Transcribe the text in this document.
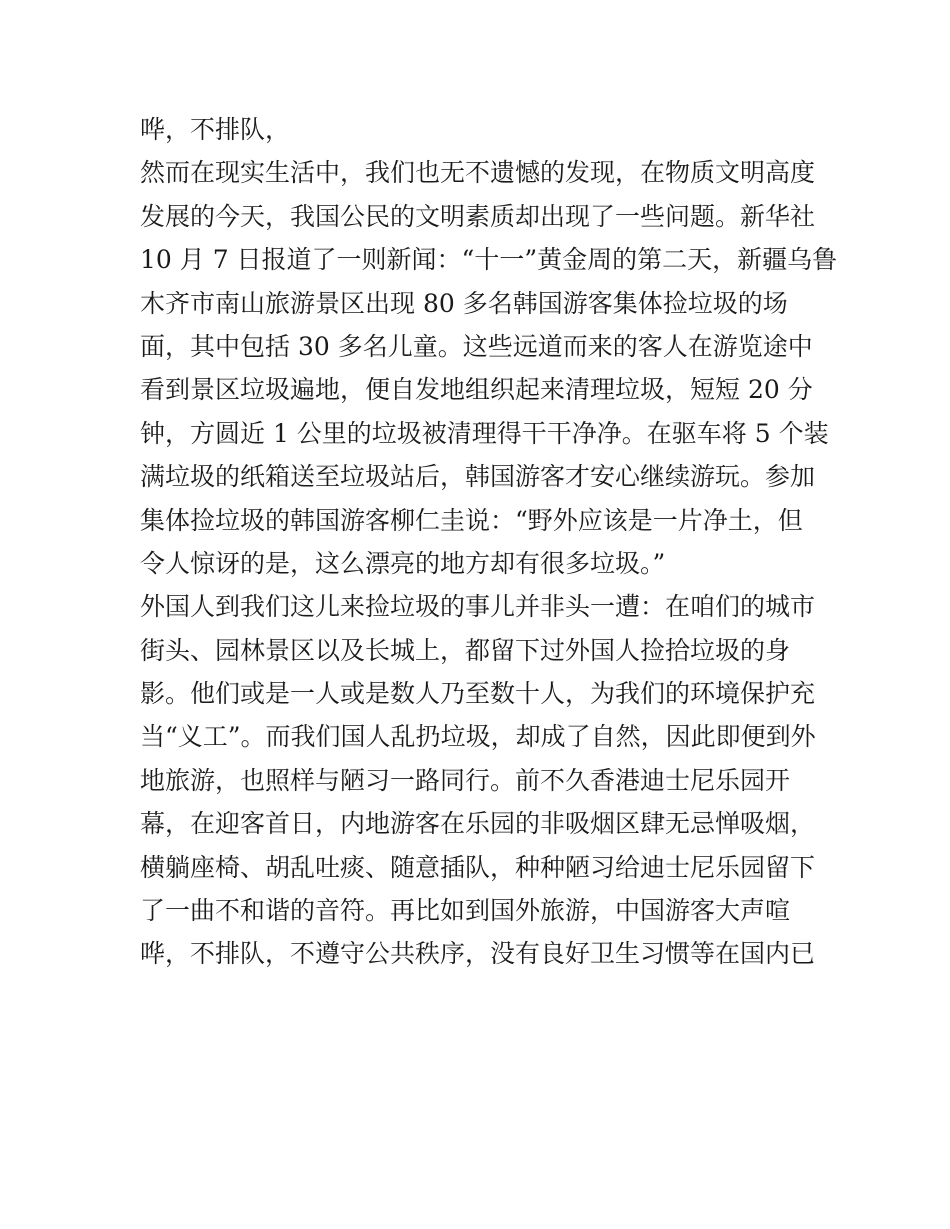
哗，不排队，
然而在现实生活中，我们也无不遗憾的发现，在物质文明高度
发展的今天，我国公民的文明素质却出现了一些问题。新华社
10 月 7 日报道了一则新闻：“十一”黄金周的第二天，新疆乌鲁
木齐市南山旅游景区出现 80 多名韩国游客集体捡垃圾的场
面，其中包括 30 多名儿童。这些远道而来的客人在游览途中
看到景区垃圾遍地，便自发地组织起来清理垃圾，短短 20 分
钟，方圆近 1 公里的垃圾被清理得干干净净。在驱车将 5 个装
满垃圾的纸箱送至垃圾站后，韩国游客才安心继续游玩。参加
集体捡垃圾的韩国游客柳仁圭说：“野外应该是一片净土，但
令人惊讶的是，这么漂亮的地方却有很多垃圾。”
外国人到我们这儿来捡垃圾的事儿并非头一遭：在咱们的城市
街头、园林景区以及长城上，都留下过外国人捡拾垃圾的身
影。他们或是一人或是数人乃至数十人，为我们的环境保护充
当“义工”。而我们国人乱扔垃圾，却成了自然，因此即便到外
地旅游，也照样与陋习一路同行。前不久香港迪士尼乐园开
幕，在迎客首日，内地游客在乐园的非吸烟区肆无忌惮吸烟，
横躺座椅、胡乱吐痰、随意插队，种种陋习给迪士尼乐园留下
了一曲不和谐的音符。再比如到国外旅游，中国游客大声喧
哗，不排队，不遵守公共秩序，没有良好卫生习惯等在国内已
